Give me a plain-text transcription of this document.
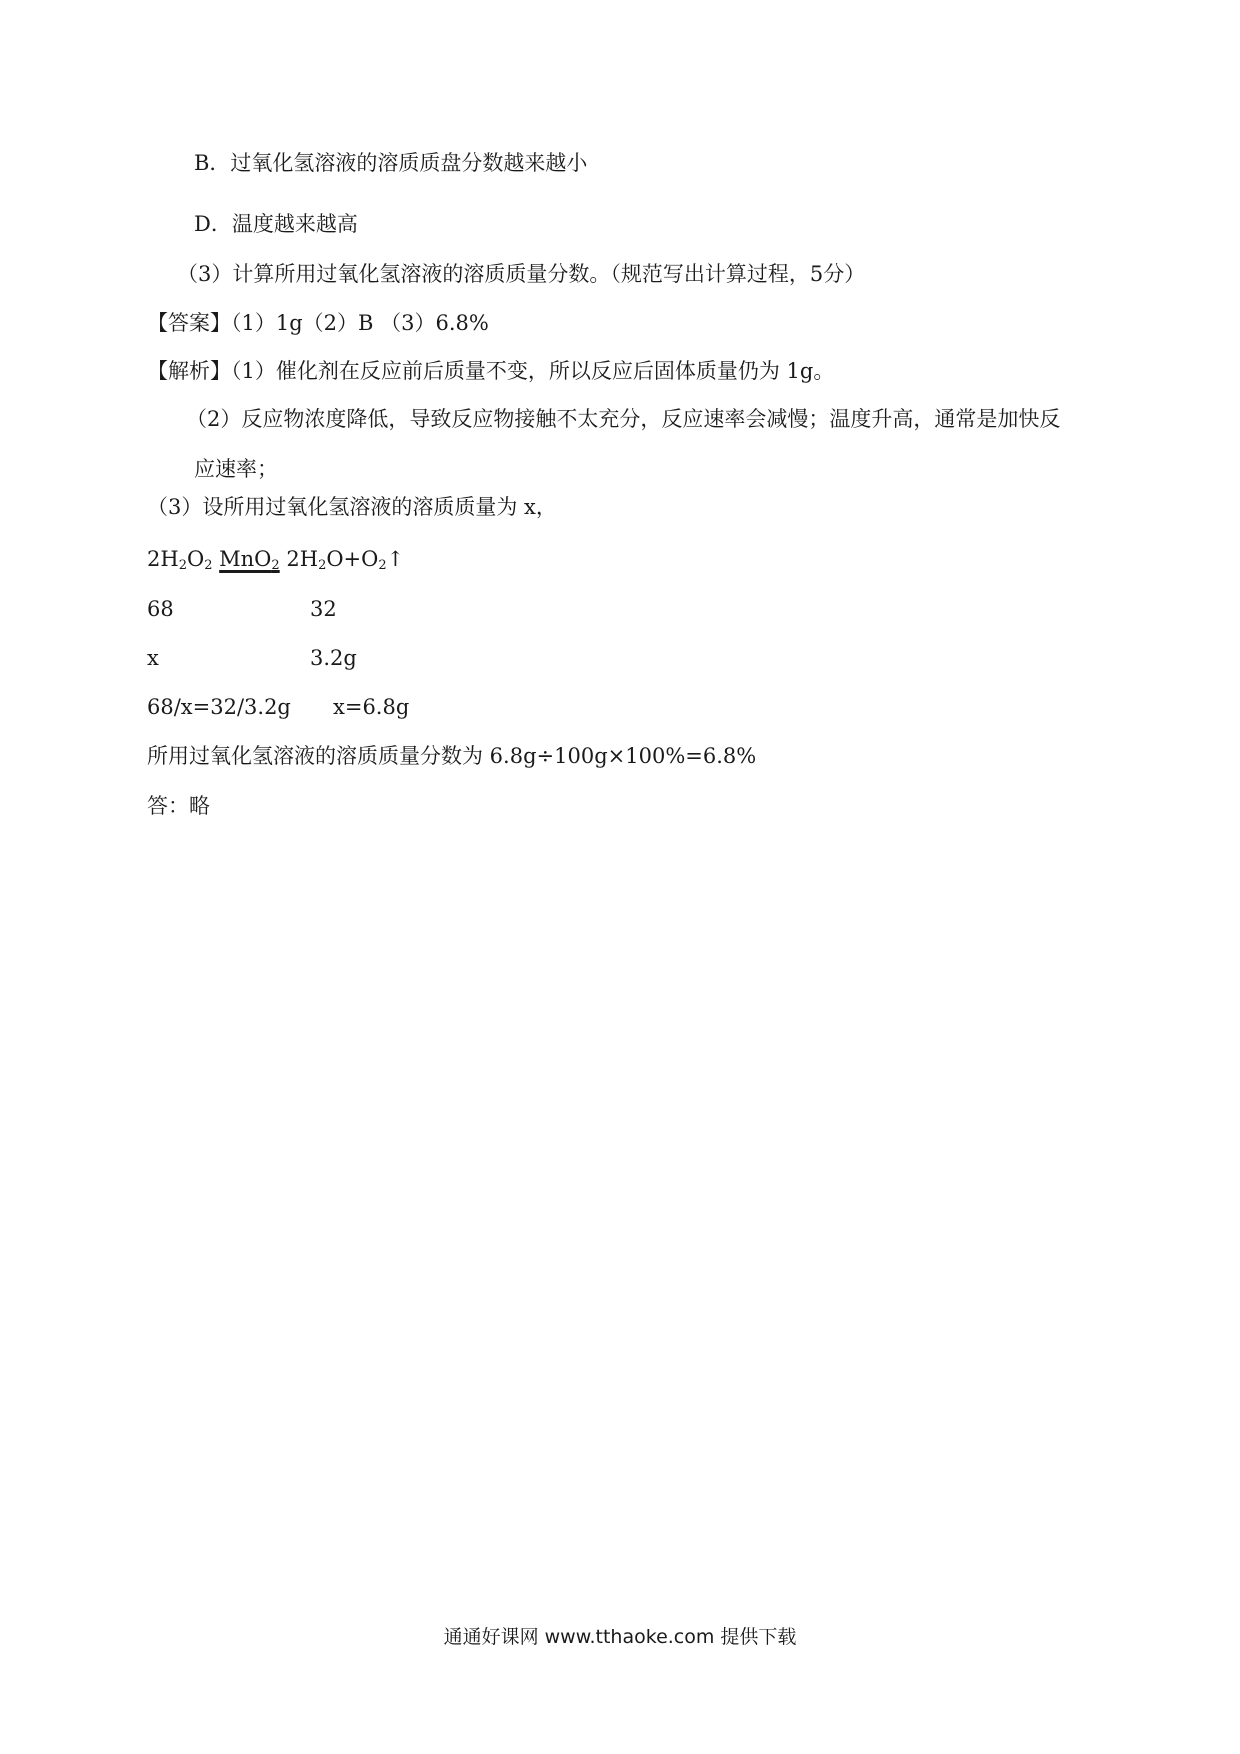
B．过氧化氢溶液的溶质质盘分数越来越小
D．温度越来越高
（3）计算所用过氧化氢溶液的溶质质量分数。（规范写出计算过程，5分）
【答案】（1）1g（2）B （3）6.8%
【解析】（1）催化剂在反应前后质量不变，所以反应后固体质量仍为 1g。
（2）反应物浓度降低，导致反应物接触不太充分，反应速率会减慢；温度升高，通常是加快反
应速率；
（3）设所用过氧化氢溶液的溶质质量为 x，
$2H_2O_2$ MnO$_2$ $2H_2O+O_2↑$
68	32
x	3.2g
68/x=32/3.2g x=6.8g
所用过氧化氢溶液的溶质质量分数为 6.8g÷100g×100%=6.8%
答：略
通通好课网 www.tthaoke.com 提供下载
